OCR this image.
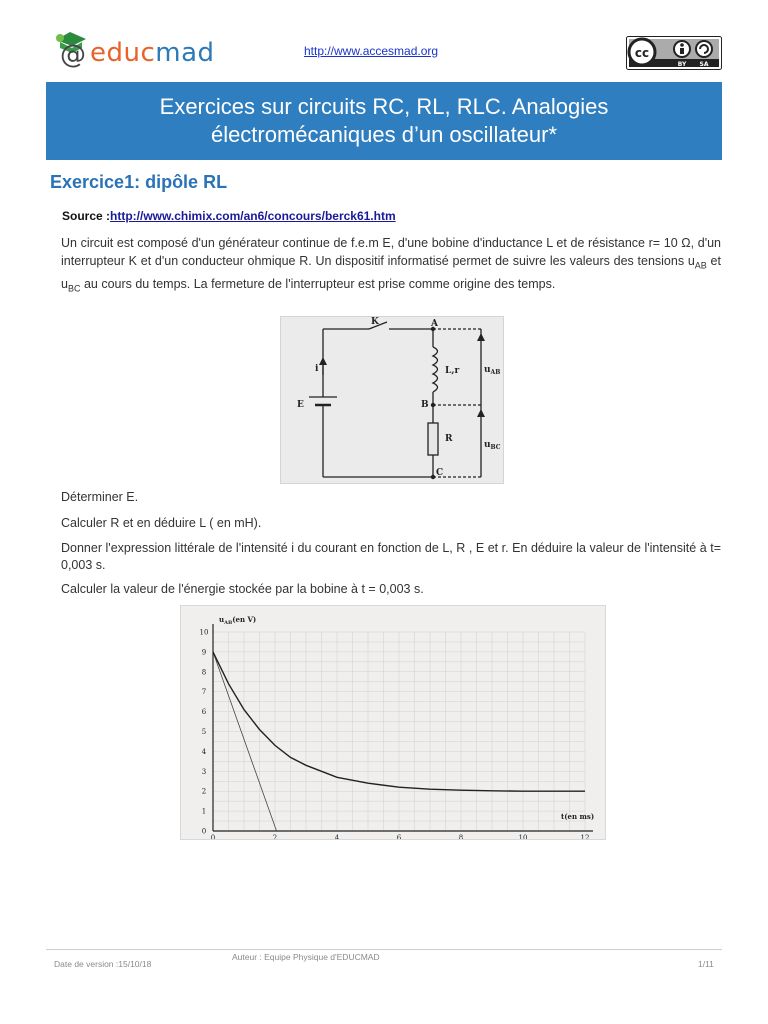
@ educmad	http://www.accesmad.org	cc
BY SA
Exercices sur circuits RC, RL, RLC. Analogies
électromécaniques d’un oscillateur*
Exercice1: dipôle RL
Source :http://www.chimix.com/an6/concours/berck61.htm
Un circuit est composé d'un générateur continue de f.e.m E, d'une bobine d'inductance L et de résistance r= 10 Ω, d'un interrupteur K et d'un conducteur ohmique R. Un dispositif informatisé permet de suivre les valeurs des tensions $u_{AB}$ et $u_{BC}$ au cours du temps. La fermeture de l'interrupteur est prise comme origine des temps.
K	A
B
C
i
E
L,r
R
$u_{AB}$
$u_{BC}$
Déterminer E.
Calculer R et en déduire L ( en mH).
Donner l'expression littérale de l'intensité i du courant en fonction de L, R , E et r. En déduire la valeur de l'intensité à t= 0,003 s.
Calculer la valeur de l'énergie stockée par la bobine à t = 0,003 s.
0
1
2
3
4
5
6
7
8
9
10
0	2	4	6	8	10	12
$u_{AB}(en$ V)
t(en ms)
Date de version :15/10/18
Auteur : Equipe Physique d'EDUCMAD
1/11
